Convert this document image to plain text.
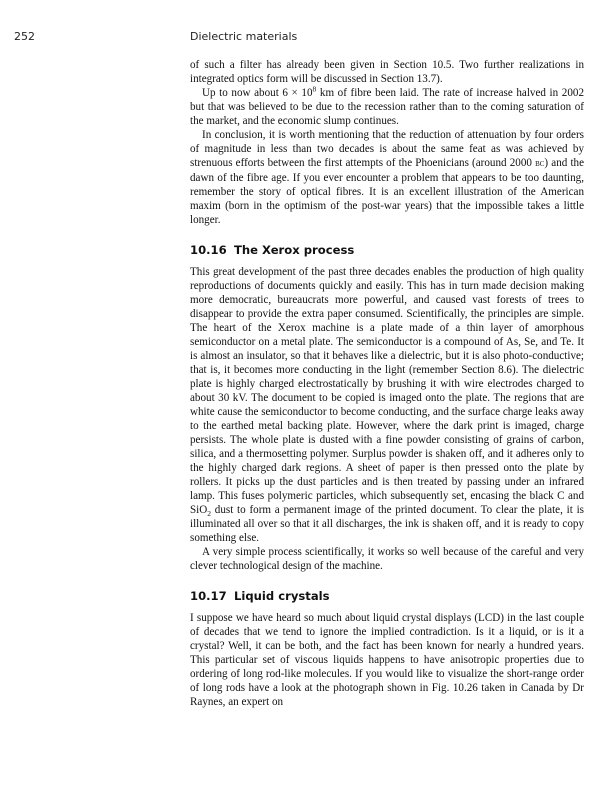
252	Dielectric materials

of such a filter has already been given in Section 10.5. Two further realizations in integrated optics form will be discussed in Section 13.7).

Up to now about $6 \times 10^8$ km of fibre been laid. The rate of increase halved in 2002 but that was believed to be due to the recession rather than to the coming saturation of the market, and the economic slump continues.

In conclusion, it is worth mentioning that the reduction of attenuation by four orders of magnitude in less than two decades is about the same feat as was achieved by strenuous efforts between the first attempts of the Phoenicians (around 2000 bc) and the dawn of the fibre age. If you ever encounter a problem that appears to be too daunting, remember the story of optical fibres. It is an excellent illustration of the American maxim (born in the optimism of the post-war years) that the impossible takes a little longer.

10.16 The Xerox process

This great development of the past three decades enables the production of high quality reproductions of documents quickly and easily. This has in turn made decision making more democratic, bureaucrats more powerful, and caused vast forests of trees to disappear to provide the extra paper consumed. Scientifically, the principles are simple. The heart of the Xerox machine is a plate made of a thin layer of amorphous semiconductor on a metal plate. The semiconductor is a compound of As, Se, and Te. It is almost an insulator, so that it behaves like a dielectric, but it is also photo-conductive; that is, it becomes more conducting in the light (remember Section 8.6). The dielectric plate is highly charged electrostatically by brushing it with wire electrodes charged to about 30 kV. The document to be copied is imaged onto the plate. The regions that are white cause the semiconductor to become conducting, and the surface charge leaks away to the earthed metal backing plate. However, where the dark print is imaged, charge persists. The whole plate is dusted with a fine powder consisting of grains of carbon, silica, and a thermosetting polymer. Surplus powder is shaken off, and it adheres only to the highly charged dark regions. A sheet of paper is then pressed onto the plate by rollers. It picks up the dust particles and is then treated by passing under an infrared lamp. This fuses polymeric particles, which subsequently set, encasing the black C and SiO$_2$ dust to form a permanent image of the printed document. To clear the plate, it is illuminated all over so that it all discharges, the ink is shaken off, and it is ready to copy something else.

A very simple process scientifically, it works so well because of the careful and very clever technological design of the machine.

10.17 Liquid crystals

I suppose we have heard so much about liquid crystal displays (LCD) in the last couple of decades that we tend to ignore the implied contradiction. Is it a liquid, or is it a crystal? Well, it can be both, and the fact has been known for nearly a hundred years. This particular set of viscous liquids happens to have anisotropic properties due to ordering of long rod-like molecules. If you would like to visualize the short-range order of long rods have a look at the photograph shown in Fig. 10.26 taken in Canada by Dr Raynes, an expert on
